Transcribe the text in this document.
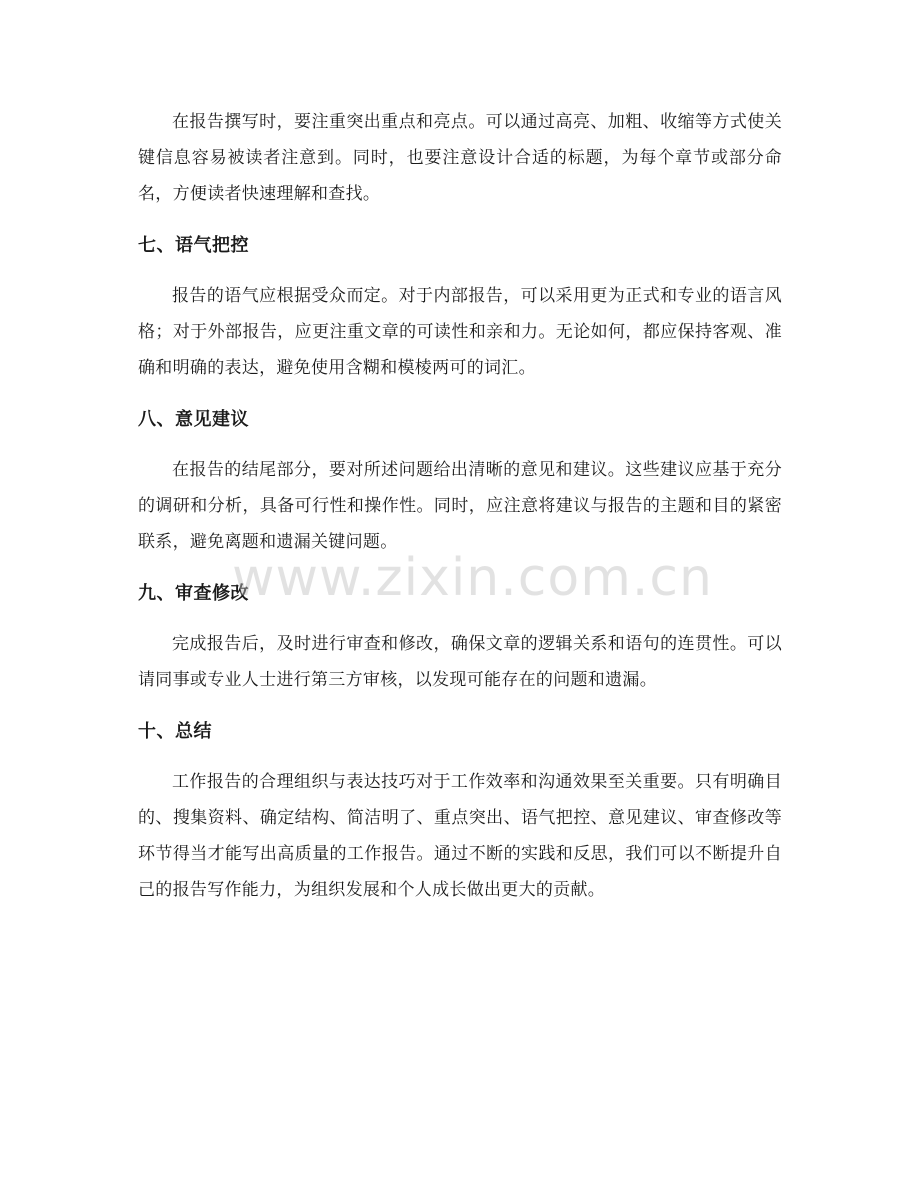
在报告撰写时，要注重突出重点和亮点。可以通过高亮、加粗、收缩等方式使关键信息容易被读者注意到。同时，也要注意设计合适的标题，为每个章节或部分命名，方便读者快速理解和查找。

七、语气把控

报告的语气应根据受众而定。对于内部报告，可以采用更为正式和专业的语言风格；对于外部报告，应更注重文章的可读性和亲和力。无论如何，都应保持客观、准确和明确的表达，避免使用含糊和模棱两可的词汇。

八、意见建议

在报告的结尾部分，要对所述问题给出清晰的意见和建议。这些建议应基于充分的调研和分析，具备可行性和操作性。同时，应注意将建议与报告的主题和目的紧密联系，避免离题和遗漏关键问题。

九、审查修改

完成报告后，及时进行审查和修改，确保文章的逻辑关系和语句的连贯性。可以请同事或专业人士进行第三方审核，以发现可能存在的问题和遗漏。

十、总结

工作报告的合理组织与表达技巧对于工作效率和沟通效果至关重要。只有明确目的、搜集资料、确定结构、简洁明了、重点突出、语气把控、意见建议、审查修改等环节得当才能写出高质量的工作报告。通过不断的实践和反思，我们可以不断提升自己的报告写作能力，为组织发展和个人成长做出更大的贡献。

www.zixin.com.cn
